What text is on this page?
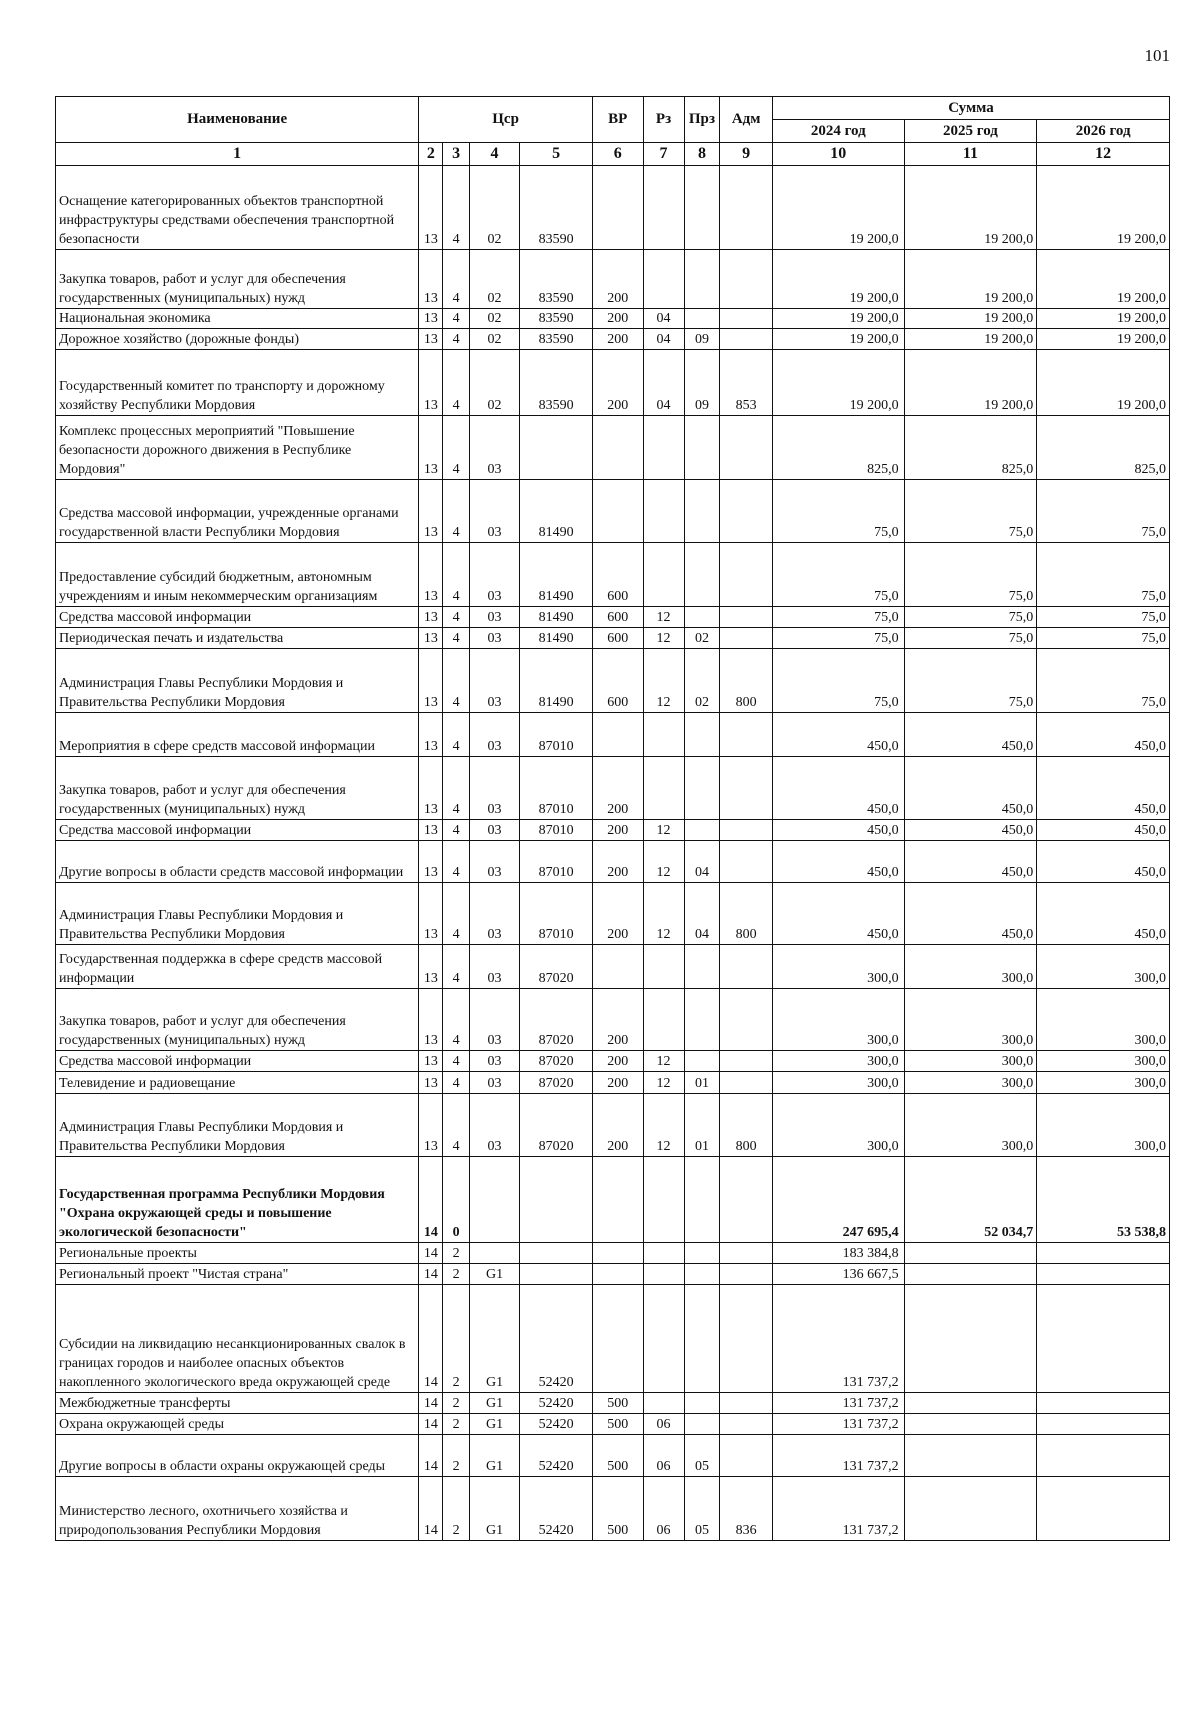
101
Наименование	Цср				ВР	Рз	Прз	Адм	Сумма		
									2024 год	2025 год	2026 год
1	2	3	4	5	6	7	8	9	10	11	12
Оснащение категорированных объектов транспортной инфраструктуры средствами обеспечения транспортной безопасности	13	4	02	83590					19 200,0	19 200,0	19 200,0
Закупка товаров, работ и услуг для обеспечения государственных (муниципальных) нужд	13	4	02	83590	200				19 200,0	19 200,0	19 200,0
Национальная экономика	13	4	02	83590	200	04			19 200,0	19 200,0	19 200,0
Дорожное хозяйство (дорожные фонды)	13	4	02	83590	200	04	09		19 200,0	19 200,0	19 200,0
Государственный комитет по транспорту и дорожному хозяйству Республики Мордовия	13	4	02	83590	200	04	09	853	19 200,0	19 200,0	19 200,0
Комплекс процессных мероприятий "Повышение безопасности дорожного движения в Республике Мордовия"	13	4	03						825,0	825,0	825,0
Средства массовой информации, учрежденные органами государственной власти Республики Мордовия	13	4	03	81490					75,0	75,0	75,0
Предоставление субсидий бюджетным, автономным учреждениям и иным некоммерческим организациям	13	4	03	81490	600				75,0	75,0	75,0
Средства массовой информации	13	4	03	81490	600	12			75,0	75,0	75,0
Периодическая печать и издательства	13	4	03	81490	600	12	02		75,0	75,0	75,0
Администрация Главы Республики Мордовия и Правительства Республики Мордовия	13	4	03	81490	600	12	02	800	75,0	75,0	75,0
Мероприятия в сфере средств массовой информации	13	4	03	87010					450,0	450,0	450,0
Закупка товаров, работ и услуг для обеспечения государственных (муниципальных) нужд	13	4	03	87010	200				450,0	450,0	450,0
Средства массовой информации	13	4	03	87010	200	12			450,0	450,0	450,0
Другие вопросы в области средств массовой информации	13	4	03	87010	200	12	04		450,0	450,0	450,0
Администрация Главы Республики Мордовия и Правительства Республики Мордовия	13	4	03	87010	200	12	04	800	450,0	450,0	450,0
Государственная поддержка в сфере средств массовой информации	13	4	03	87020					300,0	300,0	300,0
Закупка товаров, работ и услуг для обеспечения государственных (муниципальных) нужд	13	4	03	87020	200				300,0	300,0	300,0
Средства массовой информации	13	4	03	87020	200	12			300,0	300,0	300,0
Телевидение и радиовещание	13	4	03	87020	200	12	01		300,0	300,0	300,0
Администрация Главы Республики Мордовия и Правительства Республики Мордовия	13	4	03	87020	200	12	01	800	300,0	300,0	300,0
Государственная программа Республики Мордовия "Охрана окружающей среды и повышение экологической безопасности"	14	0							247 695,4	52 034,7	53 538,8
Региональные проекты	14	2							183 384,8		
Региональный проект "Чистая страна"	14	2	G1						136 667,5		
Субсидии на ликвидацию несанкционированных свалок в границах городов и наиболее опасных объектов накопленного экологического вреда окружающей среде	14	2	G1	52420					131 737,2		
Межбюджетные трансферты	14	2	G1	52420	500				131 737,2		
Охрана окружающей среды	14	2	G1	52420	500	06			131 737,2		
Другие вопросы в области охраны окружающей среды	14	2	G1	52420	500	06	05		131 737,2		
Министерство лесного, охотничьего хозяйства и природопользования Республики Мордовия	14	2	G1	52420	500	06	05	836	131 737,2		
